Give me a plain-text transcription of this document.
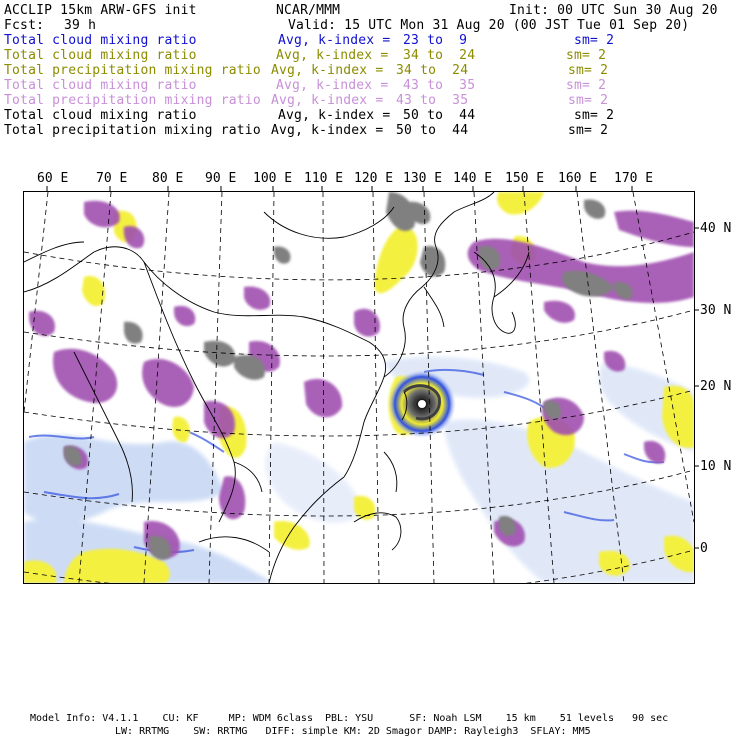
ACCLIP 15km ARW-GFS init	NCAR/MMM	Init: 00 UTC Sun 30 Aug 20
Fcst: 39 h	Valid: 15 UTC Mon 31 Aug 20 (00 JST Tue 01 Sep 20)
Total cloud mixing ratio	Avg, k-index = 23 to  9	sm= 2
Total cloud mixing ratio	Avg, k-index = 34 to  24	sm= 2
Total precipitation mixing ratio Avg, k-index = 34 to  24	sm= 2
Total cloud mixing ratio	Avg, k-index = 43 to  35	sm= 2
Total precipitation mixing ratio Avg, k-index = 43 to  35	sm= 2
Total cloud mixing ratio	Avg, k-index = 50 to  44	sm= 2
Total precipitation mixing ratio Avg, k-index = 50 to  44	sm= 2
60 E 70 E 80 E 90 E 100 E 110 E 120 E 130 E 140 E 150 E 160 E 170 E
40 N
30 N
20 N
10 N
0
Model Info: V4.1.1    CU: KF     MP: WDM 6class  PBL: YSU      SF: Noah LSM    15 km    51 levels   90 sec
LW: RRTMG    SW: RRTMG   DIFF: simple KM: 2D Smagor DAMP: Rayleigh3  SFLAY: MM5
